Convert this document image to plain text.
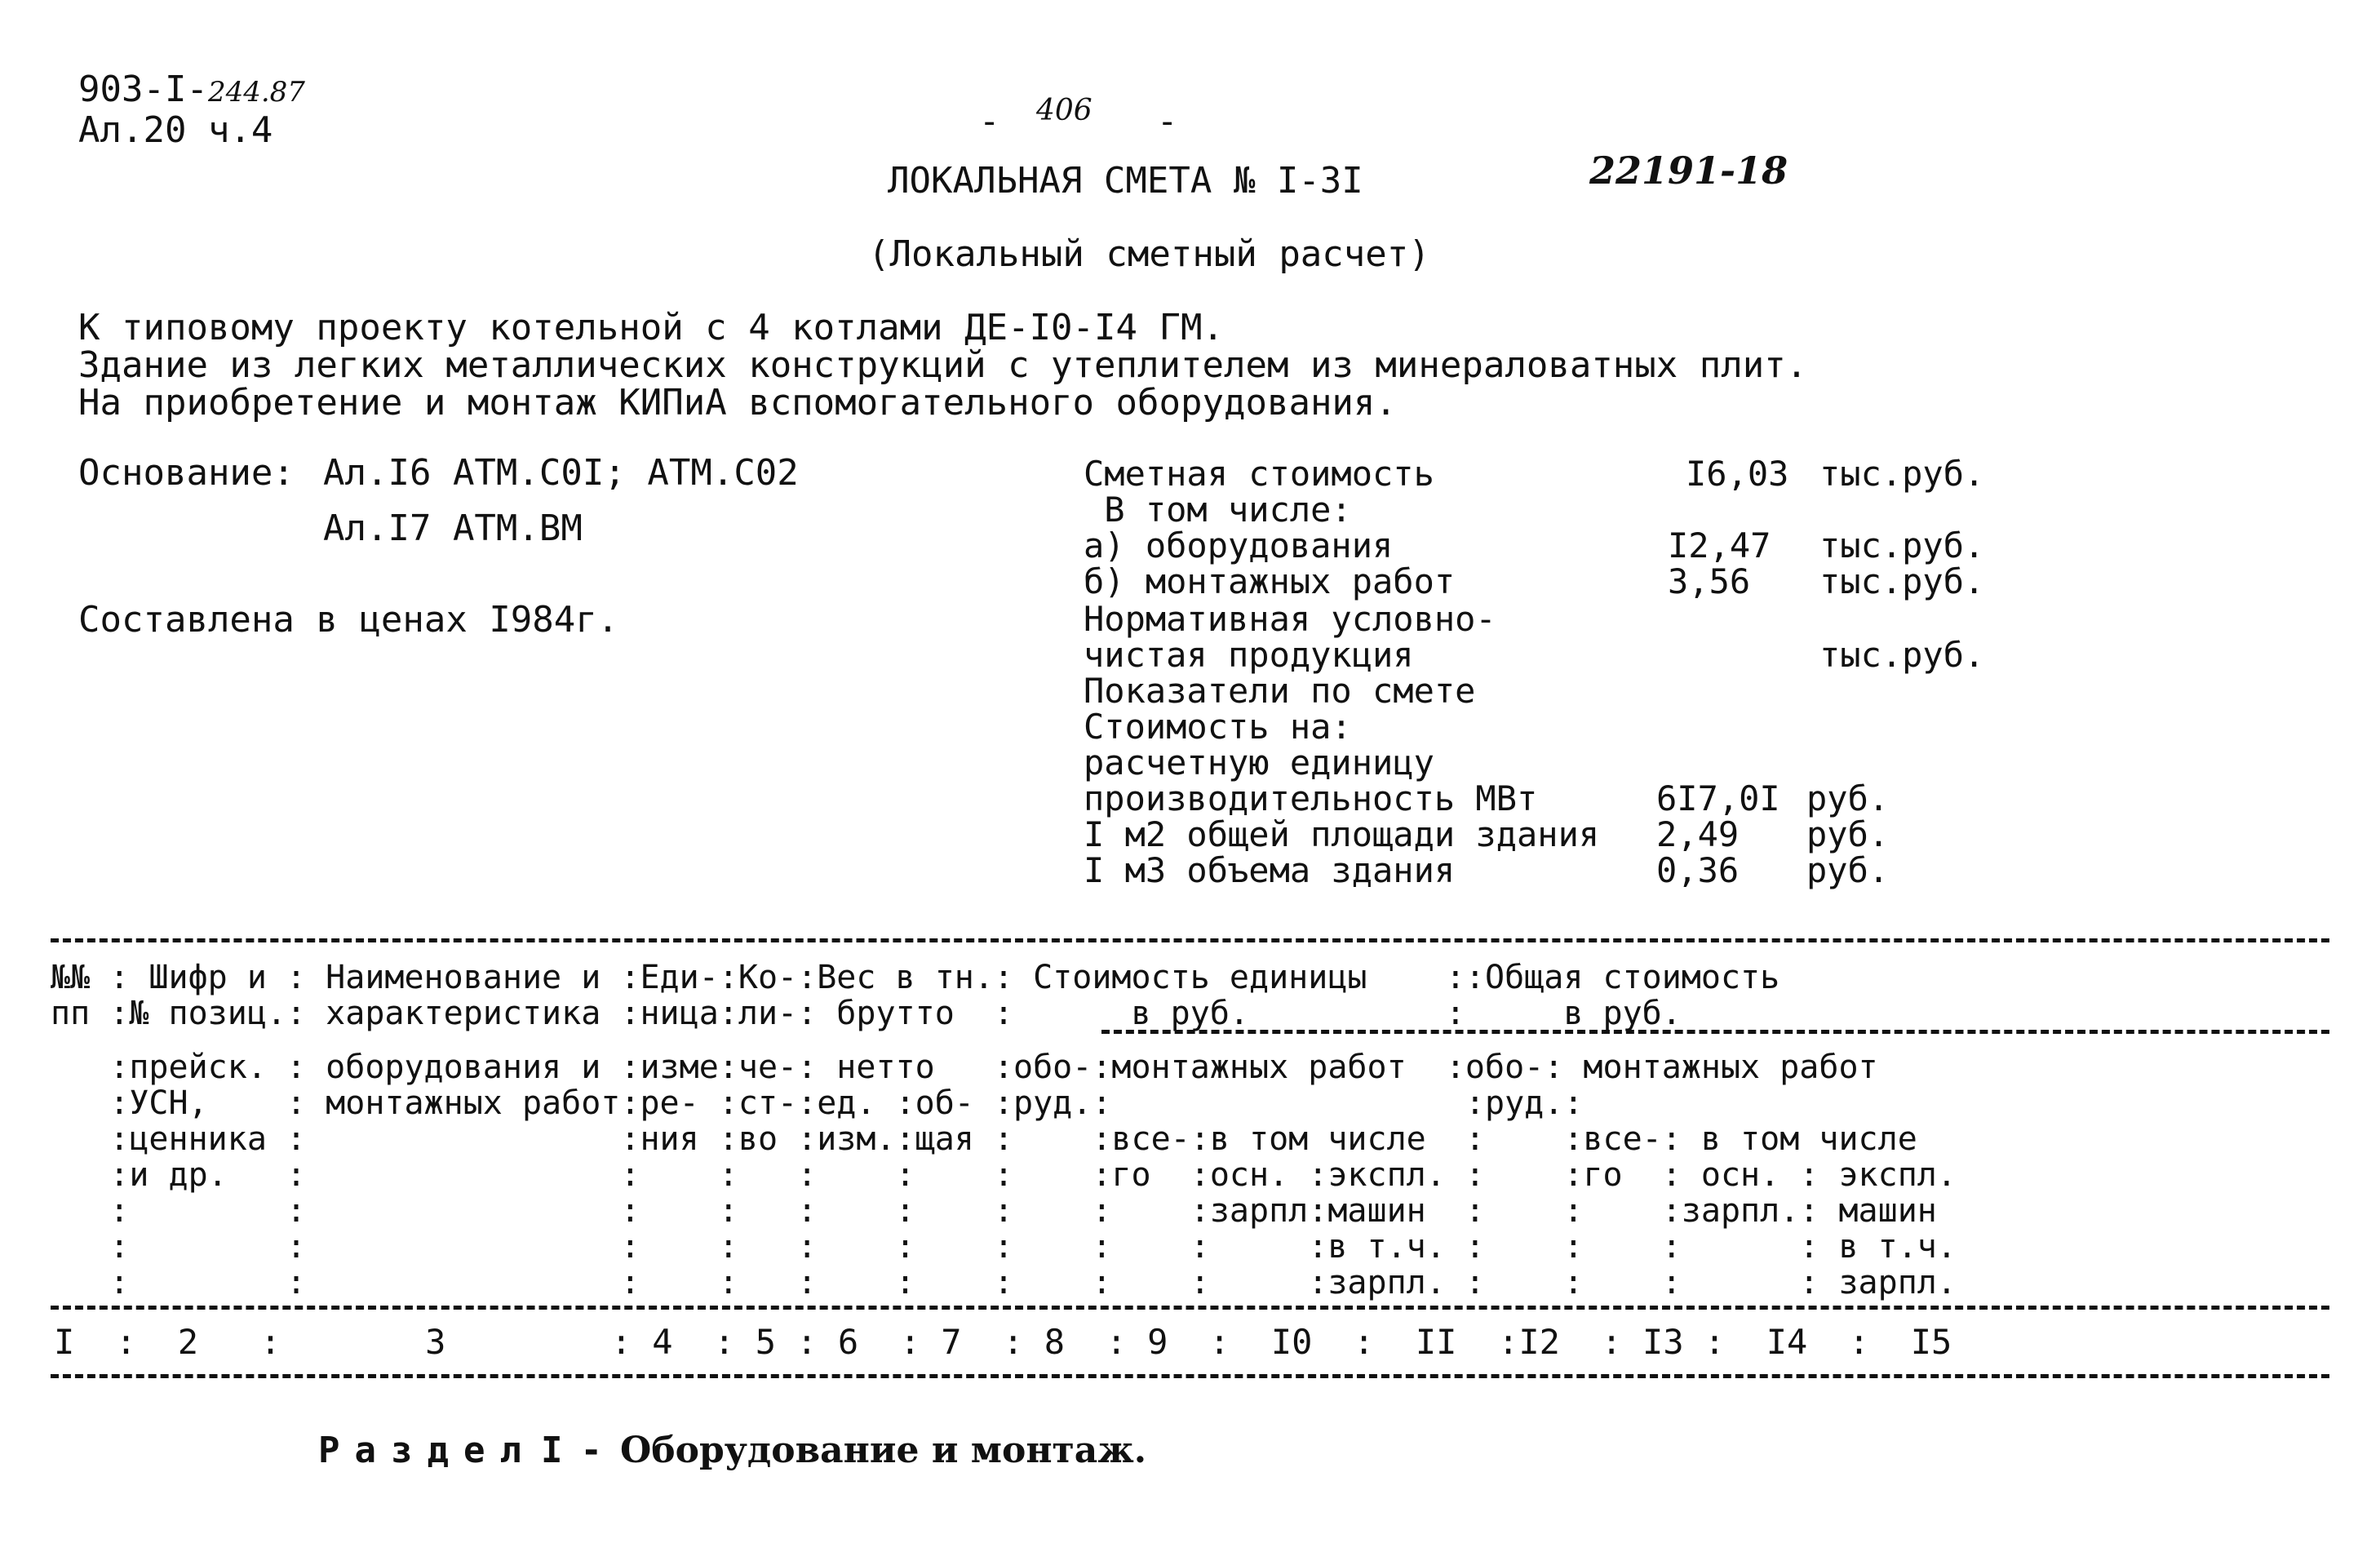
903-I-244.87
Ал.20 ч.4	- 406 -
ЛОКАЛЬНАЯ СМЕТА № I-3I	22191-18
(Локальный сметный расчет)
К типовому проекту котельной с 4 котлами ДЕ-I0-I4 ГМ.
Здание из легких металлических конструкций с утеплителем из минераловатных плит.
На приобретение и монтаж КИПиА вспомогательного оборудования.
Основание: Ал.I6 АТМ.С0I; АТМ.С02
Ал.I7 АТМ.ВМ
Составлена в ценах I984г.
Сметная стоимость	I6,03 тыс.руб.
В том числе:
а) оборудования	I2,47 тыс.руб.
б) монтажных работ	3,56 тыс.руб.
Нормативная условно-
чистая продукция	тыс.руб.
Показатели по смете
Стоимость на:
расчетную единицу
производительность МВт	6I7,0I руб.
I м2 общей площади здания 2,49 руб.
I м3 объема здания	0,36 руб.
№№ : Шифр и : Наименование и :Еди-:Ко-:Вес в тн.: Стоимость единицы    ::Общая стоимость
пп :№ позиц.: характеристика :ница:ли-: брутто  :      в руб.          :     в руб.
:прейск. : оборудования и :изме:че-: нетто   :обо-:монтажных работ  :обо-: монтажных работ
:УСН,    : монтажных работ:ре- :ст-:ед. :об- :руд.:                  :руд.:
:ценника :                :ния :во :изм.:щая :    :все-:в том числе  :    :все-: в том числе
:и др.   :                :    :   :    :    :    :го  :осн. :экспл. :    :го  : осн. : экспл.
:        :                :    :   :    :    :    :    :зарпл:машин  :    :    :зарпл.: машин
:        :                :    :   :    :    :    :    :     :в т.ч. :    :    :      : в т.ч.
:        :                :    :   :    :    :    :    :     :зарпл. :    :    :      : зарпл.
I  :  2   :       3        : 4  : 5 : 6  : 7  : 8  : 9  :  I0  :  II  :I2  : I3 :  I4  :  I5
Раздел I - Оборудование и монтаж.
